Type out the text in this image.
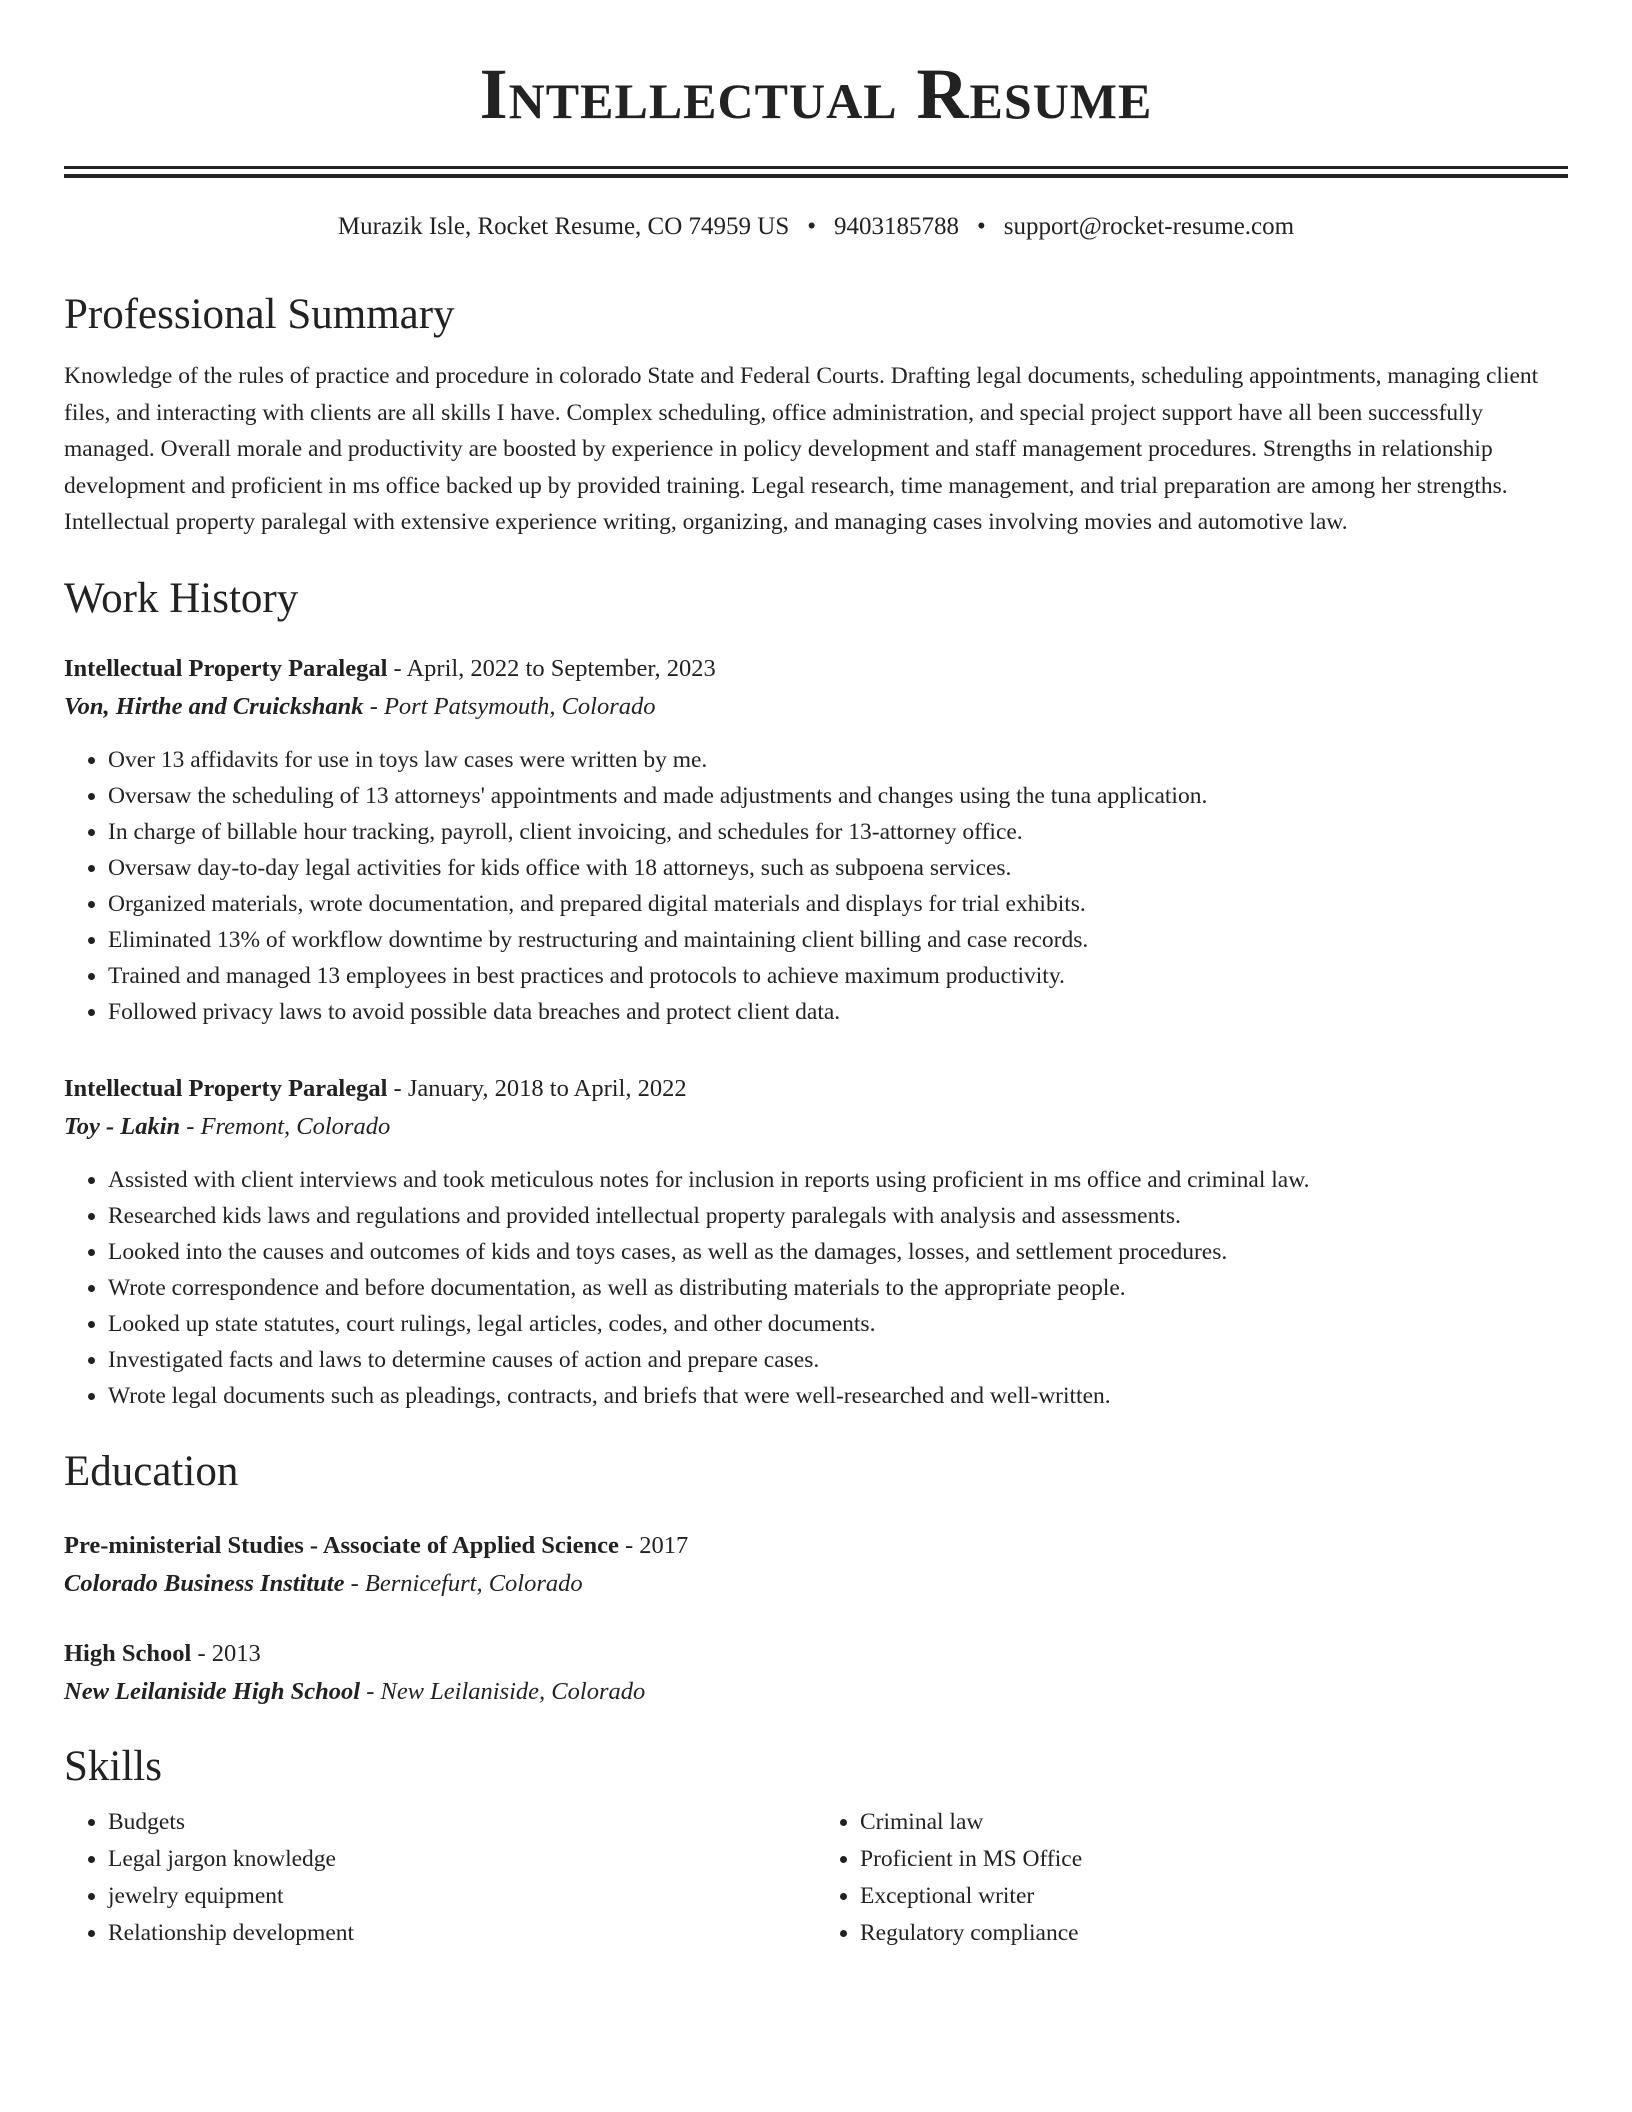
Intellectual Resume
Murazik Isle, Rocket Resume, CO 74959 US • 9403185788 • support@rocket-resume.com
Professional Summary

Knowledge of the rules of practice and procedure in colorado State and Federal Courts. Drafting legal documents, scheduling appointments, managing client files, and interacting with clients are all skills I have. Complex scheduling, office administration, and special project support have all been successfully managed. Overall morale and productivity are boosted by experience in policy development and staff management procedures. Strengths in relationship development and proficient in ms office backed up by provided training. Legal research, time management, and trial preparation are among her strengths. Intellectual property paralegal with extensive experience writing, organizing, and managing cases involving movies and automotive law.

Work History
Intellectual Property Paralegal - April, 2022 to September, 2023
Von, Hirthe and Cruickshank - Port Patsymouth, Colorado
• Over 13 affidavits for use in toys law cases were written by me.
• Oversaw the scheduling of 13 attorneys' appointments and made adjustments and changes using the tuna application.
• In charge of billable hour tracking, payroll, client invoicing, and schedules for 13-attorney office.
• Oversaw day-to-day legal activities for kids office with 18 attorneys, such as subpoena services.
• Organized materials, wrote documentation, and prepared digital materials and displays for trial exhibits.
• Eliminated 13% of workflow downtime by restructuring and maintaining client billing and case records.
• Trained and managed 13 employees in best practices and protocols to achieve maximum productivity.
• Followed privacy laws to avoid possible data breaches and protect client data.
Intellectual Property Paralegal - January, 2018 to April, 2022
Toy - Lakin - Fremont, Colorado
• Assisted with client interviews and took meticulous notes for inclusion in reports using proficient in ms office and criminal law.
• Researched kids laws and regulations and provided intellectual property paralegals with analysis and assessments.
• Looked into the causes and outcomes of kids and toys cases, as well as the damages, losses, and settlement procedures.
• Wrote correspondence and before documentation, as well as distributing materials to the appropriate people.
• Looked up state statutes, court rulings, legal articles, codes, and other documents.
• Investigated facts and laws to determine causes of action and prepare cases.
• Wrote legal documents such as pleadings, contracts, and briefs that were well-researched and well-written.
Education
Pre-ministerial Studies - Associate of Applied Science - 2017
Colorado Business Institute - Bernicefurt, Colorado
High School - 2013
New Leilaniside High School - New Leilaniside, Colorado
Skills
• Budgets
• Legal jargon knowledge
• jewelry equipment
• Relationship development
• Criminal law
• Proficient in MS Office
• Exceptional writer
• Regulatory compliance
